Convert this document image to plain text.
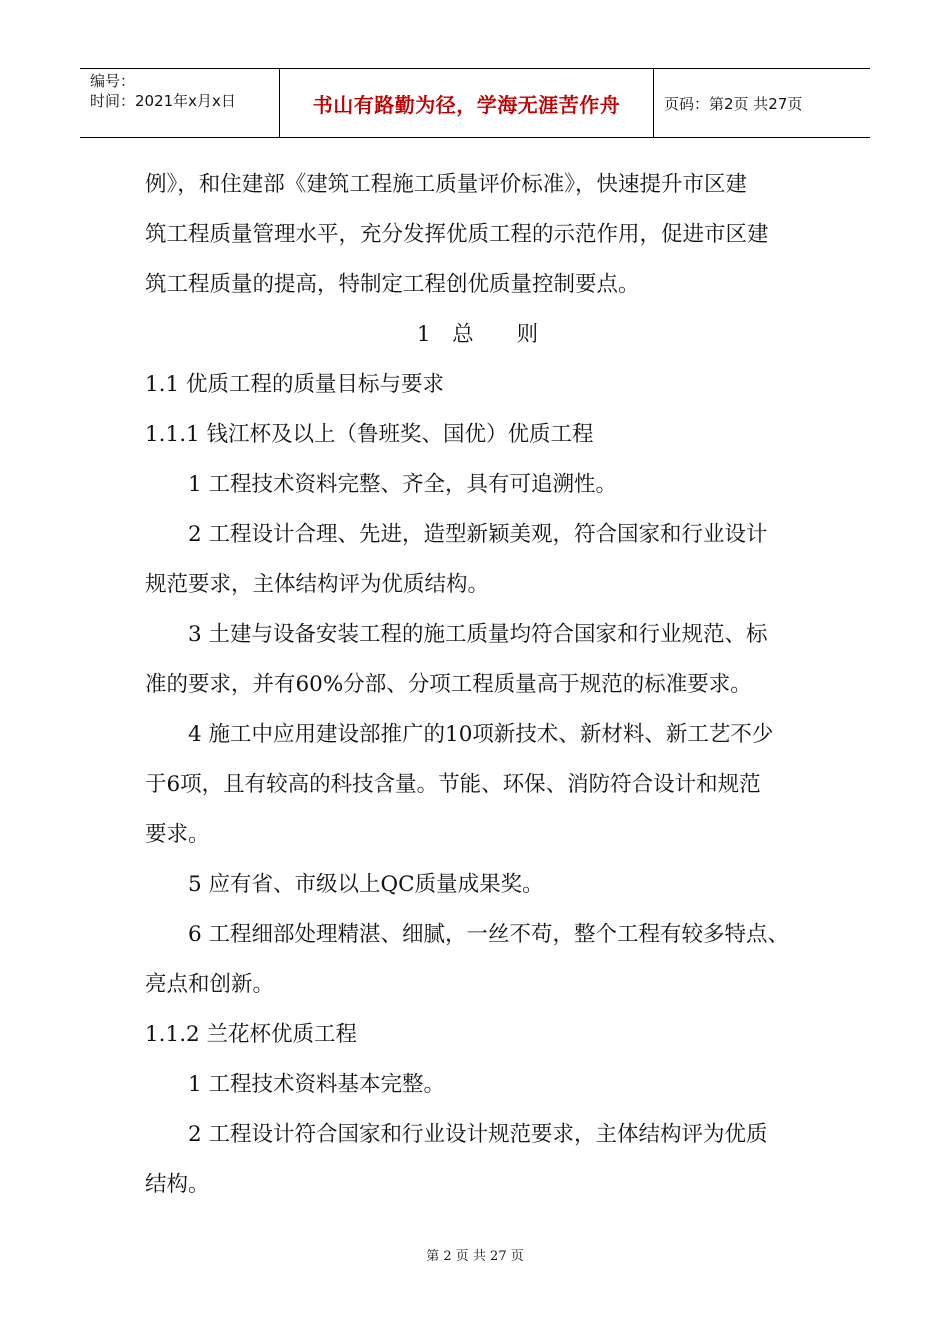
编号：
时间：2021年x月x日	书山有路勤为径，学海无涯苦作舟	页码：第2页 共27页
例》，和住建部《建筑工程施工质量评价标准》，快速提升市区建
筑工程质量管理水平，充分发挥优质工程的示范作用，促进市区建
筑工程质量的提高，特制定工程创优质量控制要点。
1　总　　则
1.1 优质工程的质量目标与要求
1.1.1 钱江杯及以上（鲁班奖、国优）优质工程
1 工程技术资料完整、齐全，具有可追溯性。
2 工程设计合理、先进，造型新颖美观，符合国家和行业设计
规范要求，主体结构评为优质结构。
3 土建与设备安装工程的施工质量均符合国家和行业规范、标
准的要求，并有60%分部、分项工程质量高于规范的标准要求。
4 施工中应用建设部推广的10项新技术、新材料、新工艺不少
于6项，且有较高的科技含量。节能、环保、消防符合设计和规范
要求。
5 应有省、市级以上QC质量成果奖。
6 工程细部处理精湛、细腻，一丝不苟，整个工程有较多特点、
亮点和创新。
1.1.2 兰花杯优质工程
1 工程技术资料基本完整。
2 工程设计符合国家和行业设计规范要求，主体结构评为优质
结构。
第 2 页 共 27 页
